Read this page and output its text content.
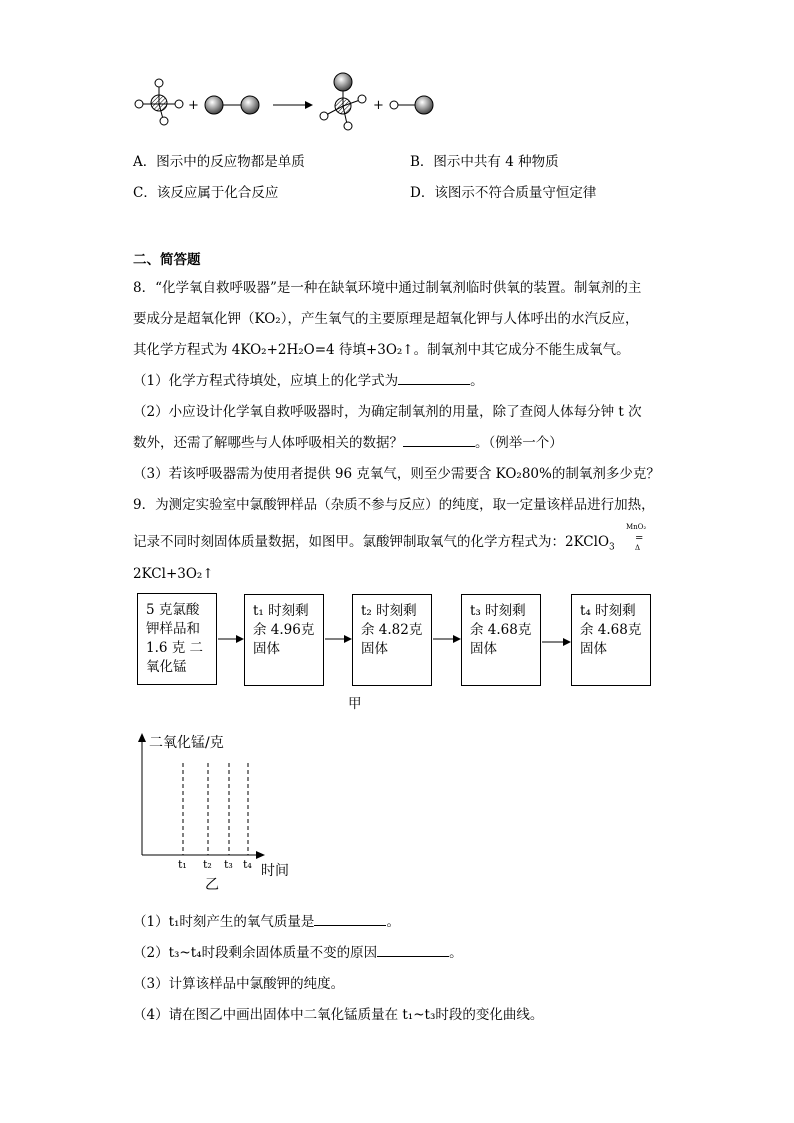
+	+
A．图示中的反应物都是单质	B．图示中共有 4 种物质
C．该反应属于化合反应	D．该图示不符合质量守恒定律
二、简答题
8．“化学氧自救呼吸器”是一种在缺氧环境中通过制氧剂临时供氧的装置。制氧剂的主
要成分是超氧化钾（KO₂），产生氧气的主要原理是超氧化钾与人体呼出的水汽反应，
其化学方程式为 4KO₂+2H₂O=4 待填+3O₂↑。制氧剂中其它成分不能生成氧气。
（1）化学方程式待填处，应填上的化学式为	。
（2）小应设计化学氧自救呼吸器时，为确定制氧剂的用量，除了查阅人体每分钟 t 次
数外，还需了解哪些与人体呼吸相关的数据？	。（例举一个）
（3）若该呼吸器需为使用者提供 96 克氧气，则至少需要含 KO₂80%的制氧剂多少克？
9．为测定实验室中氯酸钾样品（杂质不参与反应）的纯度，取一定量该样品进行加热，
记录不同时刻固体质量数据，如图甲。氯酸钾制取氧气的化学方程式为：2KClO$_3$
MnO₂
=
Δ
2KCl+3O₂↑
5 克氯酸
钾样品和
1.6 克 二
氧化锰
t₁ 时刻剩
余 4.96克
固体
t₂ 时刻剩
余 4.82克
固体
t₃ 时刻剩
余 4.68克
固体
t₄ 时刻剩
余 4.68克
固体
甲
二氧化锰/克
t₁ t₂ t₃ t₄ 时间
乙
（1）t₁时刻产生的氧气质量是	。
（2）t₃~t₄时段剩余固体质量不变的原因	。
（3）计算该样品中氯酸钾的纯度。
（4）请在图乙中画出固体中二氧化锰质量在 t₁~t₃时段的变化曲线。
